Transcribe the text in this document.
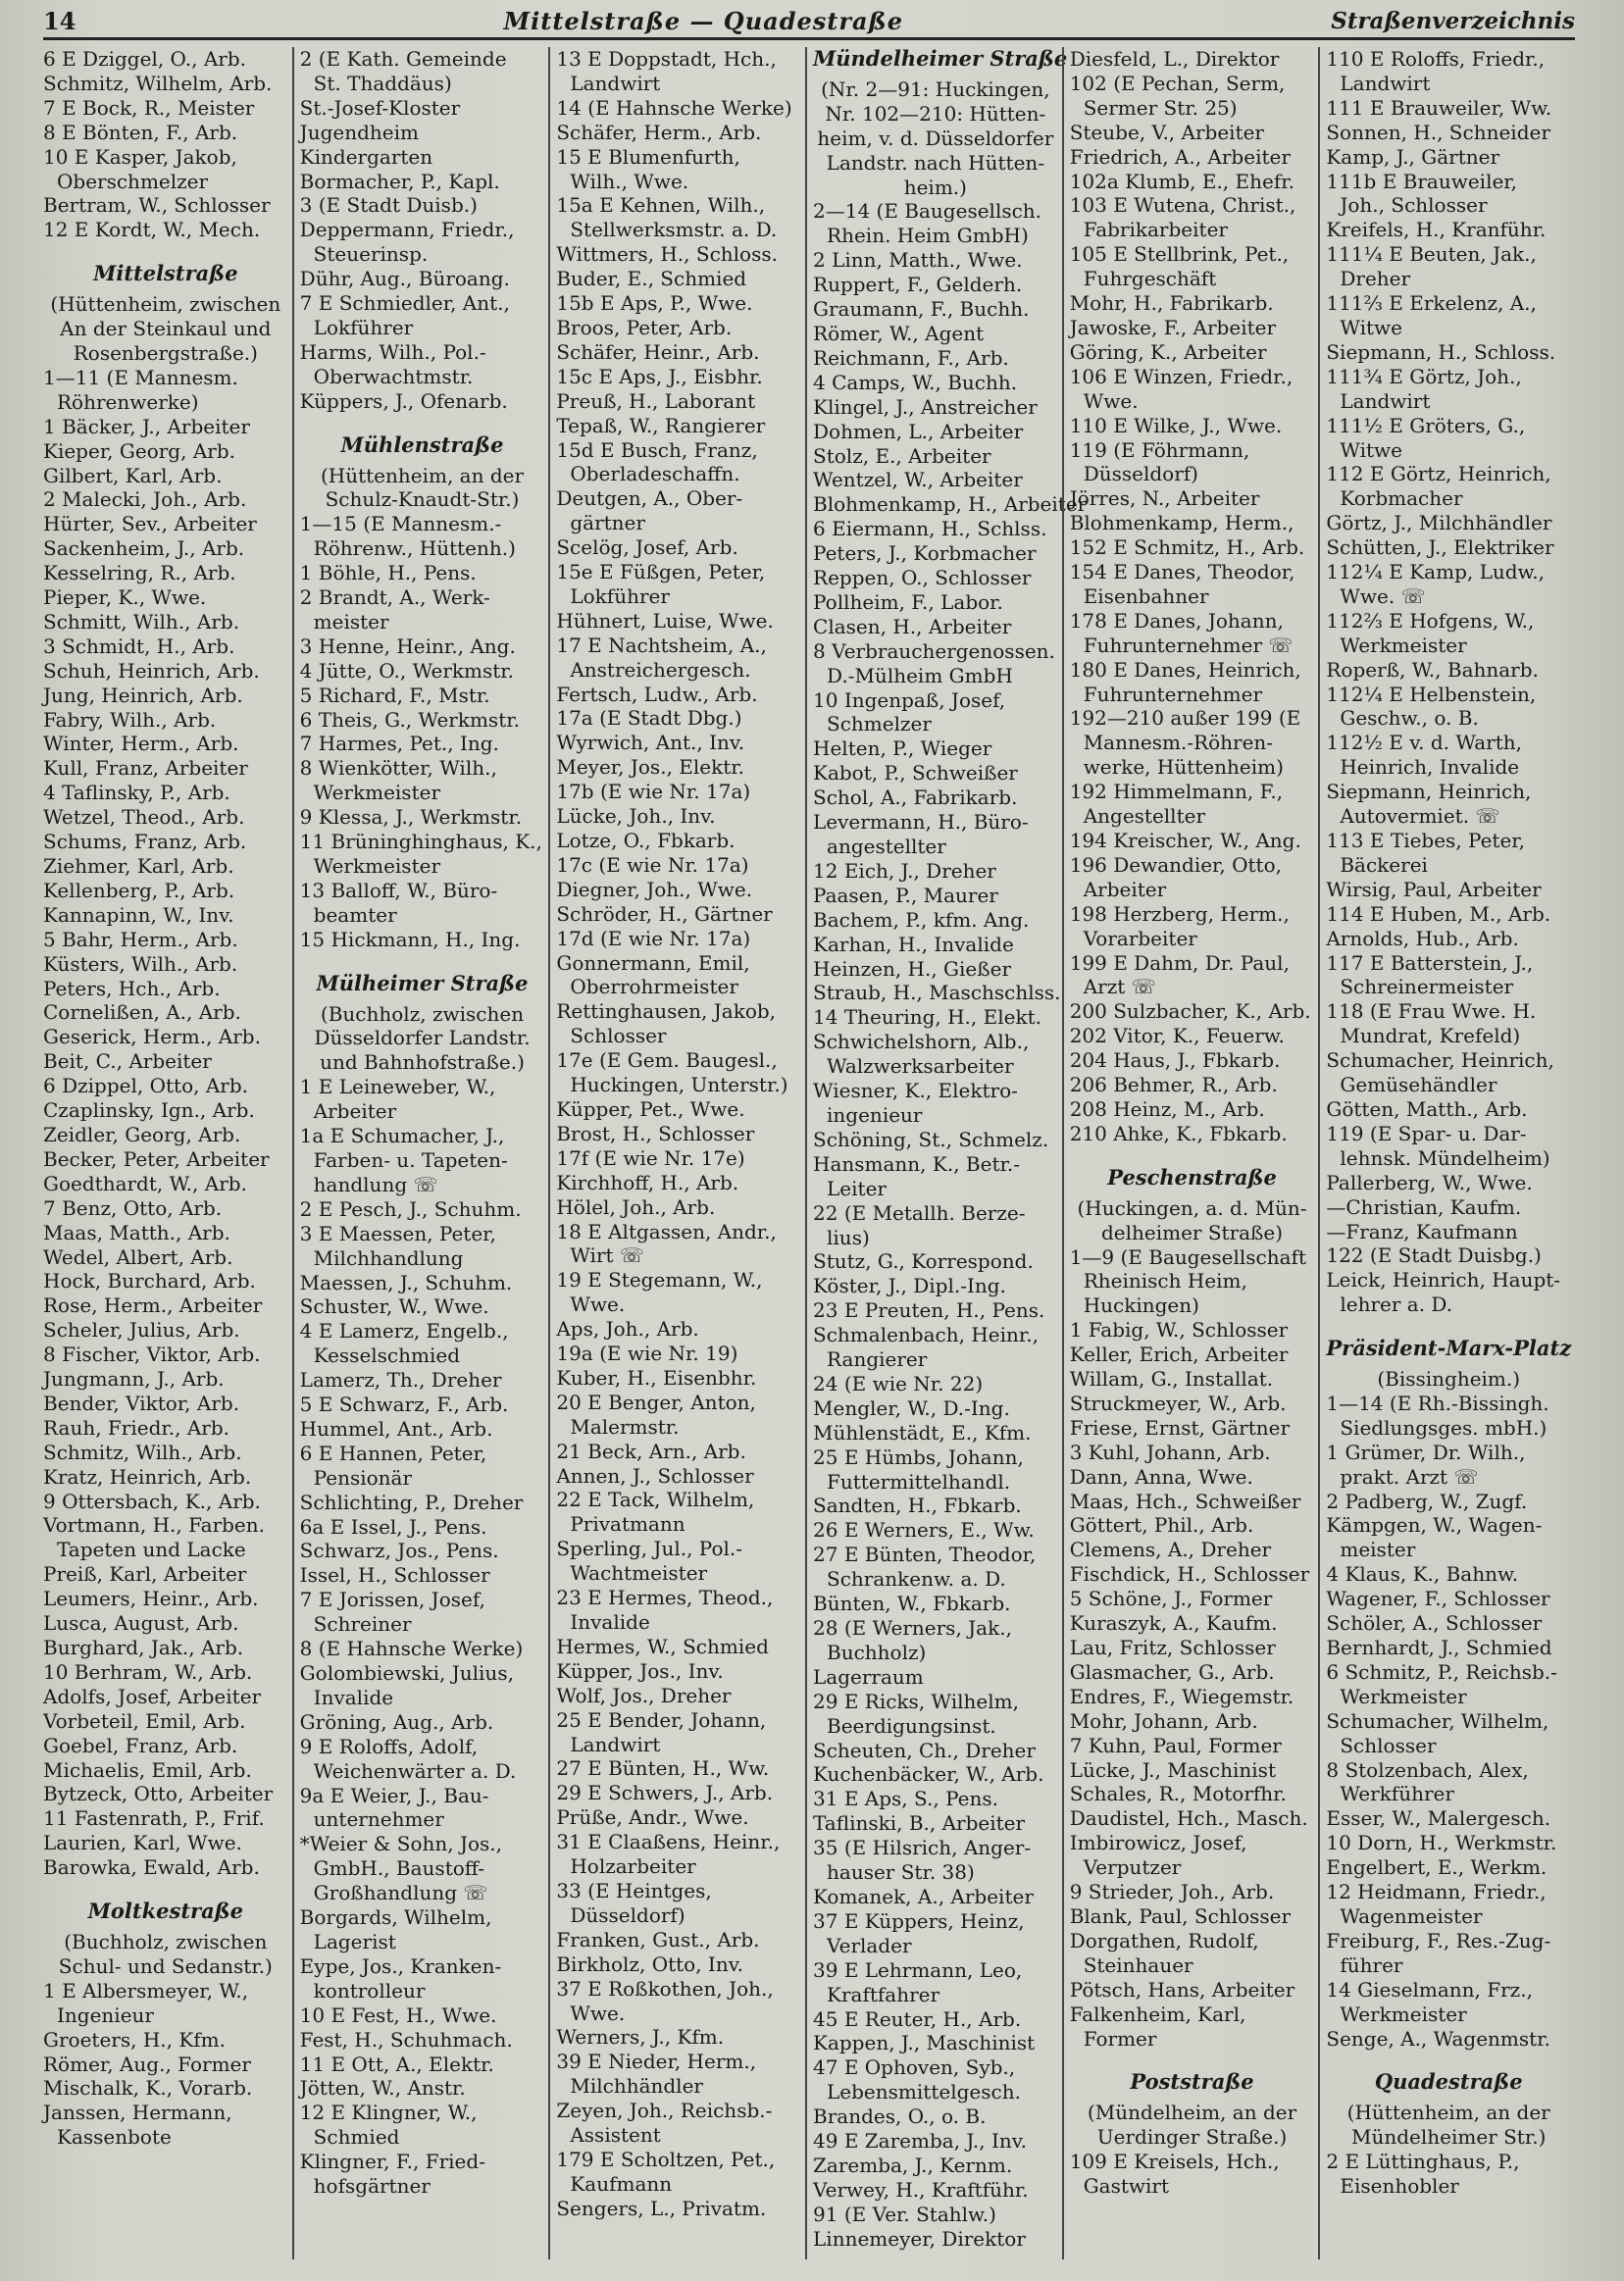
14	Mittelstraße — Quadestraße	Straßenverzeichnis
6 E Dziggel, O., Arb.
Schmitz, Wilhelm, Arb.
7 E Bock, R., Meister
8 E Bönten, F., Arb.
10 E Kasper, Jakob,
Oberschmelzer
Bertram, W., Schlosser
12 E Kordt, W., Mech.
Mittelstraße
(Hüttenheim, zwischen
An der Steinkaul und
Rosenbergstraße.)
1—11 (E Mannesm.
Röhrenwerke)
1 Bäcker, J., Arbeiter
Kieper, Georg, Arb.
Gilbert, Karl, Arb.
2 Malecki, Joh., Arb.
Hürter, Sev., Arbeiter
Sackenheim, J., Arb.
Kesselring, R., Arb.
Pieper, K., Wwe.
Schmitt, Wilh., Arb.
3 Schmidt, H., Arb.
Schuh, Heinrich, Arb.
Jung, Heinrich, Arb.
Fabry, Wilh., Arb.
Winter, Herm., Arb.
Kull, Franz, Arbeiter
4 Taflinsky, P., Arb.
Wetzel, Theod., Arb.
Schums, Franz, Arb.
Ziehmer, Karl, Arb.
Kellenberg, P., Arb.
Kannapinn, W., Inv.
5 Bahr, Herm., Arb.
Küsters, Wilh., Arb.
Peters, Hch., Arb.
Cornelißen, A., Arb.
Geserick, Herm., Arb.
Beit, C., Arbeiter
6 Dzippel, Otto, Arb.
Czaplinsky, Ign., Arb.
Zeidler, Georg, Arb.
Becker, Peter, Arbeiter
Goedthardt, W., Arb.
7 Benz, Otto, Arb.
Maas, Matth., Arb.
Wedel, Albert, Arb.
Hock, Burchard, Arb.
Rose, Herm., Arbeiter
Scheler, Julius, Arb.
8 Fischer, Viktor, Arb.
Jungmann, J., Arb.
Bender, Viktor, Arb.
Rauh, Friedr., Arb.
Schmitz, Wilh., Arb.
Kratz, Heinrich, Arb.
9 Ottersbach, K., Arb.
Vortmann, H., Farben.
Tapeten und Lacke
Preiß, Karl, Arbeiter
Leumers, Heinr., Arb.
Lusca, August, Arb.
Burghard, Jak., Arb.
10 Berhram, W., Arb.
Adolfs, Josef, Arbeiter
Vorbeteil, Emil, Arb.
Goebel, Franz, Arb.
Michaelis, Emil, Arb.
Bytzeck, Otto, Arbeiter
11 Fastenrath, P., Frif.
Laurien, Karl, Wwe.
Barowka, Ewald, Arb.
Moltkestraße
(Buchholz, zwischen
Schul- und Sedanstr.)
1 E Albersmeyer, W.,
Ingenieur
Groeters, H., Kfm.
Römer, Aug., Former
Mischalk, K., Vorarb.
Janssen, Hermann,
Kassenbote
2 (E Kath. Gemeinde
St. Thaddäus)
St.-Josef-Kloster
Jugendheim
Kindergarten
Bormacher, P., Kapl.
3 (E Stadt Duisb.)
Deppermann, Friedr.,
Steuerinsp.
Dühr, Aug., Büroang.
7 E Schmiedler, Ant.,
Lokführer
Harms, Wilh., Pol.-
Oberwachtmstr.
Küppers, J., Ofenarb.
Mühlenstraße
(Hüttenheim, an der
Schulz-Knaudt-Str.)
1—15 (E Mannesm.-
Röhrenw., Hüttenh.)
1 Böhle, H., Pens.
2 Brandt, A., Werk-
meister
3 Henne, Heinr., Ang.
4 Jütte, O., Werkmstr.
5 Richard, F., Mstr.
6 Theis, G., Werkmstr.
7 Harmes, Pet., Ing.
8 Wienkötter, Wilh.,
Werkmeister
9 Klessa, J., Werkmstr.
11 Brüninghinghaus, K.,
Werkmeister
13 Balloff, W., Büro-
beamter
15 Hickmann, H., Ing.
Mülheimer Straße
(Buchholz, zwischen
Düsseldorfer Landstr.
und Bahnhofstraße.)
1 E Leineweber, W.,
Arbeiter
1a E Schumacher, J.,
Farben- u. Tapeten-
handlung ☏
2 E Pesch, J., Schuhm.
3 E Maessen, Peter,
Milchhandlung
Maessen, J., Schuhm.
Schuster, W., Wwe.
4 E Lamerz, Engelb.,
Kesselschmied
Lamerz, Th., Dreher
5 E Schwarz, F., Arb.
Hummel, Ant., Arb.
6 E Hannen, Peter,
Pensionär
Schlichting, P., Dreher
6a E Issel, J., Pens.
Schwarz, Jos., Pens.
Issel, H., Schlosser
7 E Jorissen, Josef,
Schreiner
8 (E Hahnsche Werke)
Golombiewski, Julius,
Invalide
Gröning, Aug., Arb.
9 E Roloffs, Adolf,
Weichenwärter a. D.
9a E Weier, J., Bau-
unternehmer
*Weier & Sohn, Jos.,
GmbH., Baustoff-
Großhandlung ☏
Borgards, Wilhelm,
Lagerist
Eype, Jos., Kranken-
kontrolleur
10 E Fest, H., Wwe.
Fest, H., Schuhmach.
11 E Ott, A., Elektr.
Jötten, W., Anstr.
12 E Klingner, W.,
Schmied
Klingner, F., Fried-
hofsgärtner
13 E Doppstadt, Hch.,
Landwirt
14 (E Hahnsche Werke)
Schäfer, Herm., Arb.
15 E Blumenfurth,
Wilh., Wwe.
15a E Kehnen, Wilh.,
Stellwerksmstr. a. D.
Wittmers, H., Schloss.
Buder, E., Schmied
15b E Aps, P., Wwe.
Broos, Peter, Arb.
Schäfer, Heinr., Arb.
15c E Aps, J., Eisbhr.
Preuß, H., Laborant
Tepaß, W., Rangierer
15d E Busch, Franz,
Oberladeschaffn.
Deutgen, A., Ober-
gärtner
Scelög, Josef, Arb.
15e E Füßgen, Peter,
Lokführer
Hühnert, Luise, Wwe.
17 E Nachtsheim, A.,
Anstreichergesch.
Fertsch, Ludw., Arb.
17a (E Stadt Dbg.)
Wyrwich, Ant., Inv.
Meyer, Jos., Elektr.
17b (E wie Nr. 17a)
Lücke, Joh., Inv.
Lotze, O., Fbkarb.
17c (E wie Nr. 17a)
Diegner, Joh., Wwe.
Schröder, H., Gärtner
17d (E wie Nr. 17a)
Gonnermann, Emil,
Oberrohrmeister
Rettinghausen, Jakob,
Schlosser
17e (E Gem. Baugesl.,
Huckingen, Unterstr.)
Küpper, Pet., Wwe.
Brost, H., Schlosser
17f (E wie Nr. 17e)
Kirchhoff, H., Arb.
Hölel, Joh., Arb.
18 E Altgassen, Andr.,
Wirt ☏
19 E Stegemann, W.,
Wwe.
Aps, Joh., Arb.
19a (E wie Nr. 19)
Kuber, H., Eisenbhr.
20 E Benger, Anton,
Malermstr.
21 Beck, Arn., Arb.
Annen, J., Schlosser
22 E Tack, Wilhelm,
Privatmann
Sperling, Jul., Pol.-
Wachtmeister
23 E Hermes, Theod.,
Invalide
Hermes, W., Schmied
Küpper, Jos., Inv.
Wolf, Jos., Dreher
25 E Bender, Johann,
Landwirt
27 E Bünten, H., Ww.
29 E Schwers, J., Arb.
Prüße, Andr., Wwe.
31 E Claaßens, Heinr.,
Holzarbeiter
33 (E Heintges,
Düsseldorf)
Franken, Gust., Arb.
Birkholz, Otto, Inv.
37 E Roßkothen, Joh.,
Wwe.
Werners, J., Kfm.
39 E Nieder, Herm.,
Milchhändler
Zeyen, Joh., Reichsb.-
Assistent
179 E Scholtzen, Pet.,
Kaufmann
Sengers, L., Privatm.
Mündelheimer Straße
(Nr. 2—91: Huckingen,
Nr. 102—210: Hütten-
heim, v. d. Düsseldorfer
Landstr. nach Hütten-
heim.)
2—14 (E Baugesellsch.
Rhein. Heim GmbH)
2 Linn, Matth., Wwe.
Ruppert, F., Gelderh.
Graumann, F., Buchh.
Römer, W., Agent
Reichmann, F., Arb.
4 Camps, W., Buchh.
Klingel, J., Anstreicher
Dohmen, L., Arbeiter
Stolz, E., Arbeiter
Wentzel, W., Arbeiter
Blohmenkamp, H., Arbeiter
6 Eiermann, H., Schlss.
Peters, J., Korbmacher
Reppen, O., Schlosser
Pollheim, F., Labor.
Clasen, H., Arbeiter
8 Verbrauchergenossen.
D.-Mülheim GmbH
10 Ingenpaß, Josef,
Schmelzer
Helten, P., Wieger
Kabot, P., Schweißer
Schol, A., Fabrikarb.
Levermann, H., Büro-
angestellter
12 Eich, J., Dreher
Paasen, P., Maurer
Bachem, P., kfm. Ang.
Karhan, H., Invalide
Heinzen, H., Gießer
Straub, H., Maschschlss.
14 Theuring, H., Elekt.
Schwichelshorn, Alb.,
Walzwerksarbeiter
Wiesner, K., Elektro-
ingenieur
Schöning, St., Schmelz.
Hansmann, K., Betr.-
Leiter
22 (E Metallh. Berze-
lius)
Stutz, G., Korrespond.
Köster, J., Dipl.-Ing.
23 E Preuten, H., Pens.
Schmalenbach, Heinr.,
Rangierer
24 (E wie Nr. 22)
Mengler, W., D.-Ing.
Mühlenstädt, E., Kfm.
25 E Hümbs, Johann,
Futtermittelhandl.
Sandten, H., Fbkarb.
26 E Werners, E., Ww.
27 E Bünten, Theodor,
Schrankenw. a. D.
Bünten, W., Fbkarb.
28 (E Werners, Jak.,
Buchholz)
Lagerraum
29 E Ricks, Wilhelm,
Beerdigungsinst.
Scheuten, Ch., Dreher
Kuchenbäcker, W., Arb.
31 E Aps, S., Pens.
Taflinski, B., Arbeiter
35 (E Hilsrich, Anger-
hauser Str. 38)
Komanek, A., Arbeiter
37 E Küppers, Heinz,
Verlader
39 E Lehrmann, Leo,
Kraftfahrer
45 E Reuter, H., Arb.
Kappen, J., Maschinist
47 E Ophoven, Syb.,
Lebensmittelgesch.
Brandes, O., o. B.
49 E Zaremba, J., Inv.
Zaremba, J., Kernm.
Verwey, H., Kraftführ.
91 (E Ver. Stahlw.)
Linnemeyer, Direktor
Diesfeld, L., Direktor
102 (E Pechan, Serm,
Sermer Str. 25)
Steube, V., Arbeiter
Friedrich, A., Arbeiter
102a Klumb, E., Ehefr.
103 E Wutena, Christ.,
Fabrikarbeiter
105 E Stellbrink, Pet.,
Fuhrgeschäft
Mohr, H., Fabrikarb.
Jawoske, F., Arbeiter
Göring, K., Arbeiter
106 E Winzen, Friedr.,
Wwe.
110 E Wilke, J., Wwe.
119 (E Föhrmann,
Düsseldorf)
Jörres, N., Arbeiter
Blohmenkamp, Herm.,
152 E Schmitz, H., Arb.
154 E Danes, Theodor,
Eisenbahner
178 E Danes, Johann,
Fuhrunternehmer ☏
180 E Danes, Heinrich,
Fuhrunternehmer
192—210 außer 199 (E
Mannesm.-Röhren-
werke, Hüttenheim)
192 Himmelmann, F.,
Angestellter
194 Kreischer, W., Ang.
196 Dewandier, Otto,
Arbeiter
198 Herzberg, Herm.,
Vorarbeiter
199 E Dahm, Dr. Paul,
Arzt ☏
200 Sulzbacher, K., Arb.
202 Vitor, K., Feuerw.
204 Haus, J., Fbkarb.
206 Behmer, R., Arb.
208 Heinz, M., Arb.
210 Ahke, K., Fbkarb.
Peschenstraße
(Huckingen, a. d. Mün-
delheimer Straße)
1—9 (E Baugesellschaft
Rheinisch Heim,
Huckingen)
1 Fabig, W., Schlosser
Keller, Erich, Arbeiter
Willam, G., Installat.
Struckmeyer, W., Arb.
Friese, Ernst, Gärtner
3 Kuhl, Johann, Arb.
Dann, Anna, Wwe.
Maas, Hch., Schweißer
Göttert, Phil., Arb.
Clemens, A., Dreher
Fischdick, H., Schlosser
5 Schöne, J., Former
Kuraszyk, A., Kaufm.
Lau, Fritz, Schlosser
Glasmacher, G., Arb.
Endres, F., Wiegemstr.
Mohr, Johann, Arb.
7 Kuhn, Paul, Former
Lücke, J., Maschinist
Schales, R., Motorfhr.
Daudistel, Hch., Masch.
Imbirowicz, Josef,
Verputzer
9 Strieder, Joh., Arb.
Blank, Paul, Schlosser
Dorgathen, Rudolf,
Steinhauer
Pötsch, Hans, Arbeiter
Falkenheim, Karl,
Former
Poststraße
(Mündelheim, an der
Uerdinger Straße.)
109 E Kreisels, Hch.,
Gastwirt
110 E Roloffs, Friedr.,
Landwirt
111 E Brauweiler, Ww.
Sonnen, H., Schneider
Kamp, J., Gärtner
111b E Brauweiler,
Joh., Schlosser
Kreifels, H., Kranführ.
111¼ E Beuten, Jak.,
Dreher
111⅔ E Erkelenz, A.,
Witwe
Siepmann, H., Schloss.
111¾ E Görtz, Joh.,
Landwirt
111½ E Gröters, G.,
Witwe
112 E Görtz, Heinrich,
Korbmacher
Görtz, J., Milchhändler
Schütten, J., Elektriker
112¼ E Kamp, Ludw.,
Wwe. ☏
112⅔ E Hofgens, W.,
Werkmeister
Roperß, W., Bahnarb.
112¼ E Helbenstein,
Geschw., o. B.
112½ E v. d. Warth,
Heinrich, Invalide
Siepmann, Heinrich,
Autovermiet. ☏
113 E Tiebes, Peter,
Bäckerei
Wirsig, Paul, Arbeiter
114 E Huben, M., Arb.
Arnolds, Hub., Arb.
117 E Batterstein, J.,
Schreinermeister
118 (E Frau Wwe. H.
Mundrat, Krefeld)
Schumacher, Heinrich,
Gemüsehändler
Götten, Matth., Arb.
119 (E Spar- u. Dar-
lehnsk. Mündelheim)
Pallerberg, W., Wwe.
—Christian, Kaufm.
—Franz, Kaufmann
122 (E Stadt Duisbg.)
Leick, Heinrich, Haupt-
lehrer a. D.
Präsident-Marx-Platz
(Bissingheim.)
1—14 (E Rh.-Bissingh.
Siedlungsges. mbH.)
1 Grümer, Dr. Wilh.,
prakt. Arzt ☏
2 Padberg, W., Zugf.
Kämpgen, W., Wagen-
meister
4 Klaus, K., Bahnw.
Wagener, F., Schlosser
Schöler, A., Schlosser
Bernhardt, J., Schmied
6 Schmitz, P., Reichsb.-
Werkmeister
Schumacher, Wilhelm,
Schlosser
8 Stolzenbach, Alex,
Werkführer
Esser, W., Malergesch.
10 Dorn, H., Werkmstr.
Engelbert, E., Werkm.
12 Heidmann, Friedr.,
Wagenmeister
Freiburg, F., Res.-Zug-
führer
14 Gieselmann, Frz.,
Werkmeister
Senge, A., Wagenmstr.
Quadestraße
(Hüttenheim, an der
Mündelheimer Str.)
2 E Lüttinghaus, P.,
Eisenhobler
